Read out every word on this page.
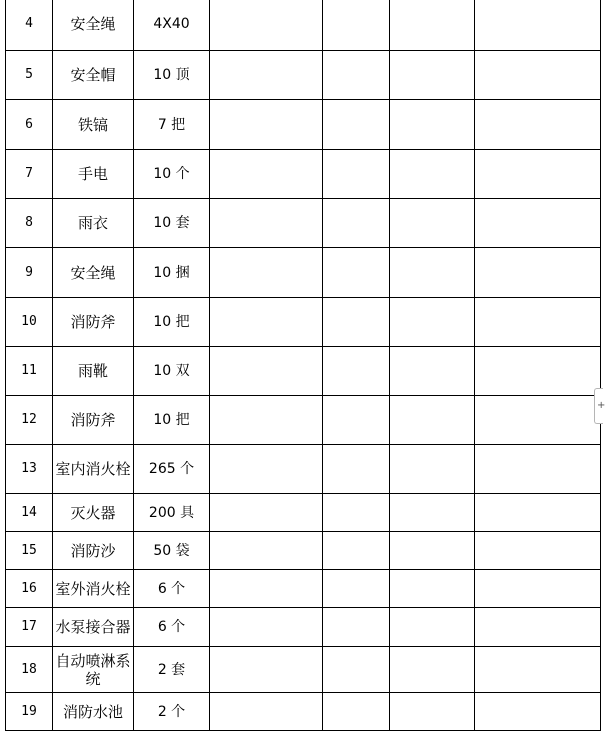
4	安全绳	4X40				
5	安全帽	10 顶				
6	铁镐	7 把				
7	手电	10 个				
8	雨衣	10 套				
9	安全绳	10 捆				
10	消防斧	10 把				
11	雨靴	10 双				
12	消防斧	10 把				
13	室内消火栓	265 个				
14	灭火器	200 具				
15	消防沙	50 袋				
16	室外消火栓	6 个				
17	水泵接合器	6 个				
18	自动喷淋系统	2 套				
19	消防水池	2 个				
+
